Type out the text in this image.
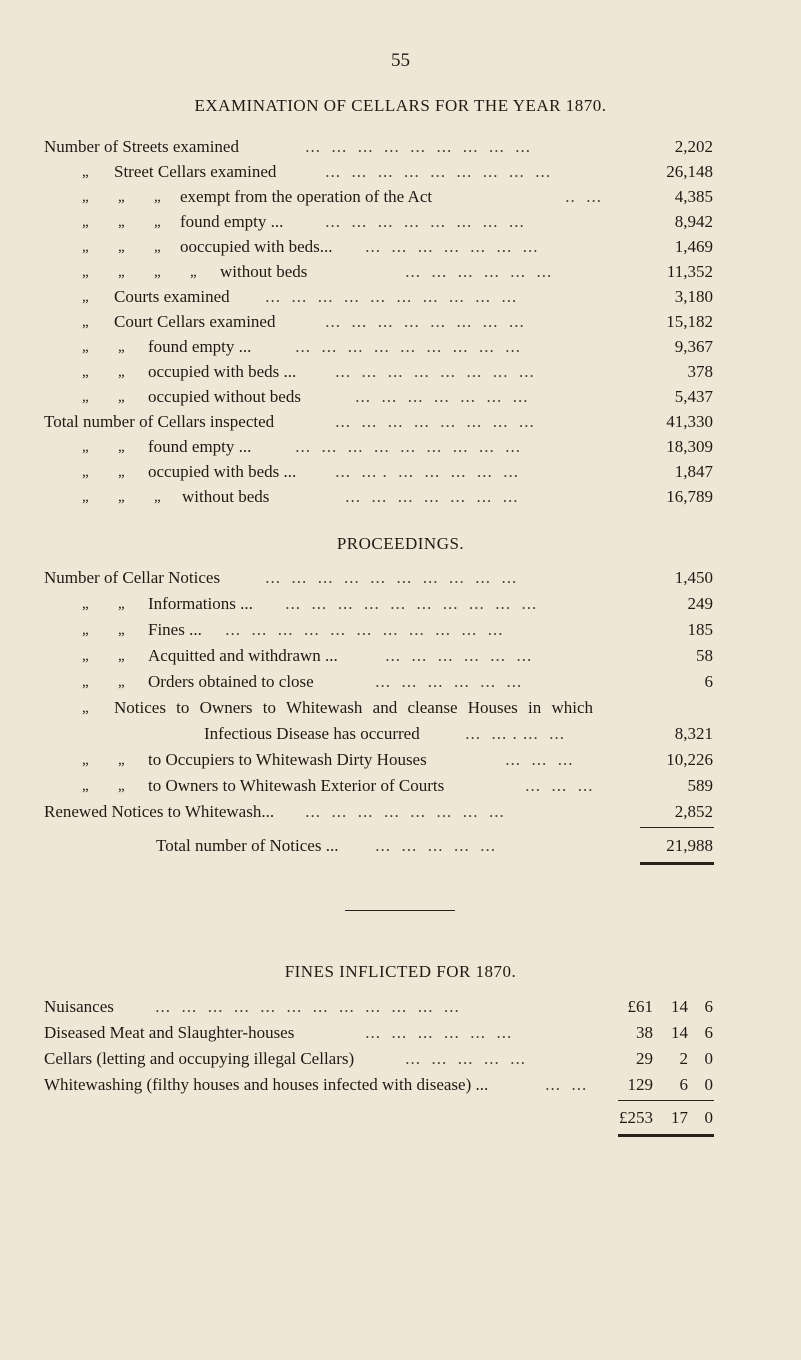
55
EXAMINATION OF CELLARS FOR THE YEAR 1870.
Number of Streets examined	...  ...  ...  ...  ...  ...  ...  ...  ...	2,202
„ Street Cellars examined	...  ...  ...  ...  ...  ...  ...  ...  ...	26,148
„ „ „ exempt from the operation of the Act	..  ...	4,385
„ „ „ found empty ... ...  ...  ...  ...  ...  ...  ...  ...	8,942
„ „ „ ooccupied with beds... ...  ...  ...  ...  ...  ...  ...	1,469
„ „ „ „ without beds	...  ...  ...  ...  ...  ...	11,352
„ Courts examined ...  ...  ...  ...  ...  ...  ...  ...  ...  ...	3,180
„ Court Cellars examined	...  ...  ...  ...  ...  ...  ...  ...	15,182
„ „ found empty ... ...  ...  ...  ...  ...  ...  ...  ...  ...	9,367
„ „ occupied with beds ... ...  ...  ...  ...  ...  ...  ...  ...	378
„ „ occupied without beds	...  ...  ...  ...  ...  ...  ...	5,437
Total number of Cellars inspected	...  ...  ...  ...  ...  ...  ...  ...	41,330
„ „ found empty ... ...  ...  ...  ...  ...  ...  ...  ...  ...	18,309
„ „ occupied with beds ... ...  ... .  ...  ...  ...  ...  ...	1,847
„ „ „ without beds	...  ...  ...  ...  ...  ...  ...	16,789
PROCEEDINGS.
Number of Cellar Notices ...  ...  ...  ...  ...  ...  ...  ...  ...  ...	1,450
„ „ Informations ... ...  ...  ...  ...  ...  ...  ...  ...  ...  ...	249
„ „ Fines ... ...  ...  ...  ...  ...  ...  ...  ...  ...  ...  ...	185
„ „ Acquitted and withdrawn ... ...  ...  ...  ...  ...  ...	58
„ „ Orders obtained to close	...  ...  ...  ...  ...  ...	6
„ Notices to Owners to Whitewash and cleanse Houses in which
Infectious Disease has occurred ...  ... . ...  ...	8,321
„ „ to Occupiers to Whitewash Dirty Houses	...  ...  ...	10,226
„ „ to Owners to Whitewash Exterior of Courts	...  ...  ...	589
Renewed Notices to Whitewash... ...  ...  ...  ...  ...  ...  ...  ...	2,852
Total number of Notices ... ...  ...  ...  ...  ...	21,988
FINES INFLICTED FOR 1870.
Nuisances ...  ...  ...  ...  ...  ...  ...  ...  ...  ...  ...  ...	£61 14 6
Diseased Meat and Slaughter-houses	...  ...  ...  ...  ...  ...	38 14 6
Cellars (letting and occupying illegal Cellars)	...  ...  ...  ...  ...	29 2 0
Whitewashing (filthy houses and houses infected with disease) ...	...  ...	129 6 0
£253 17 0
